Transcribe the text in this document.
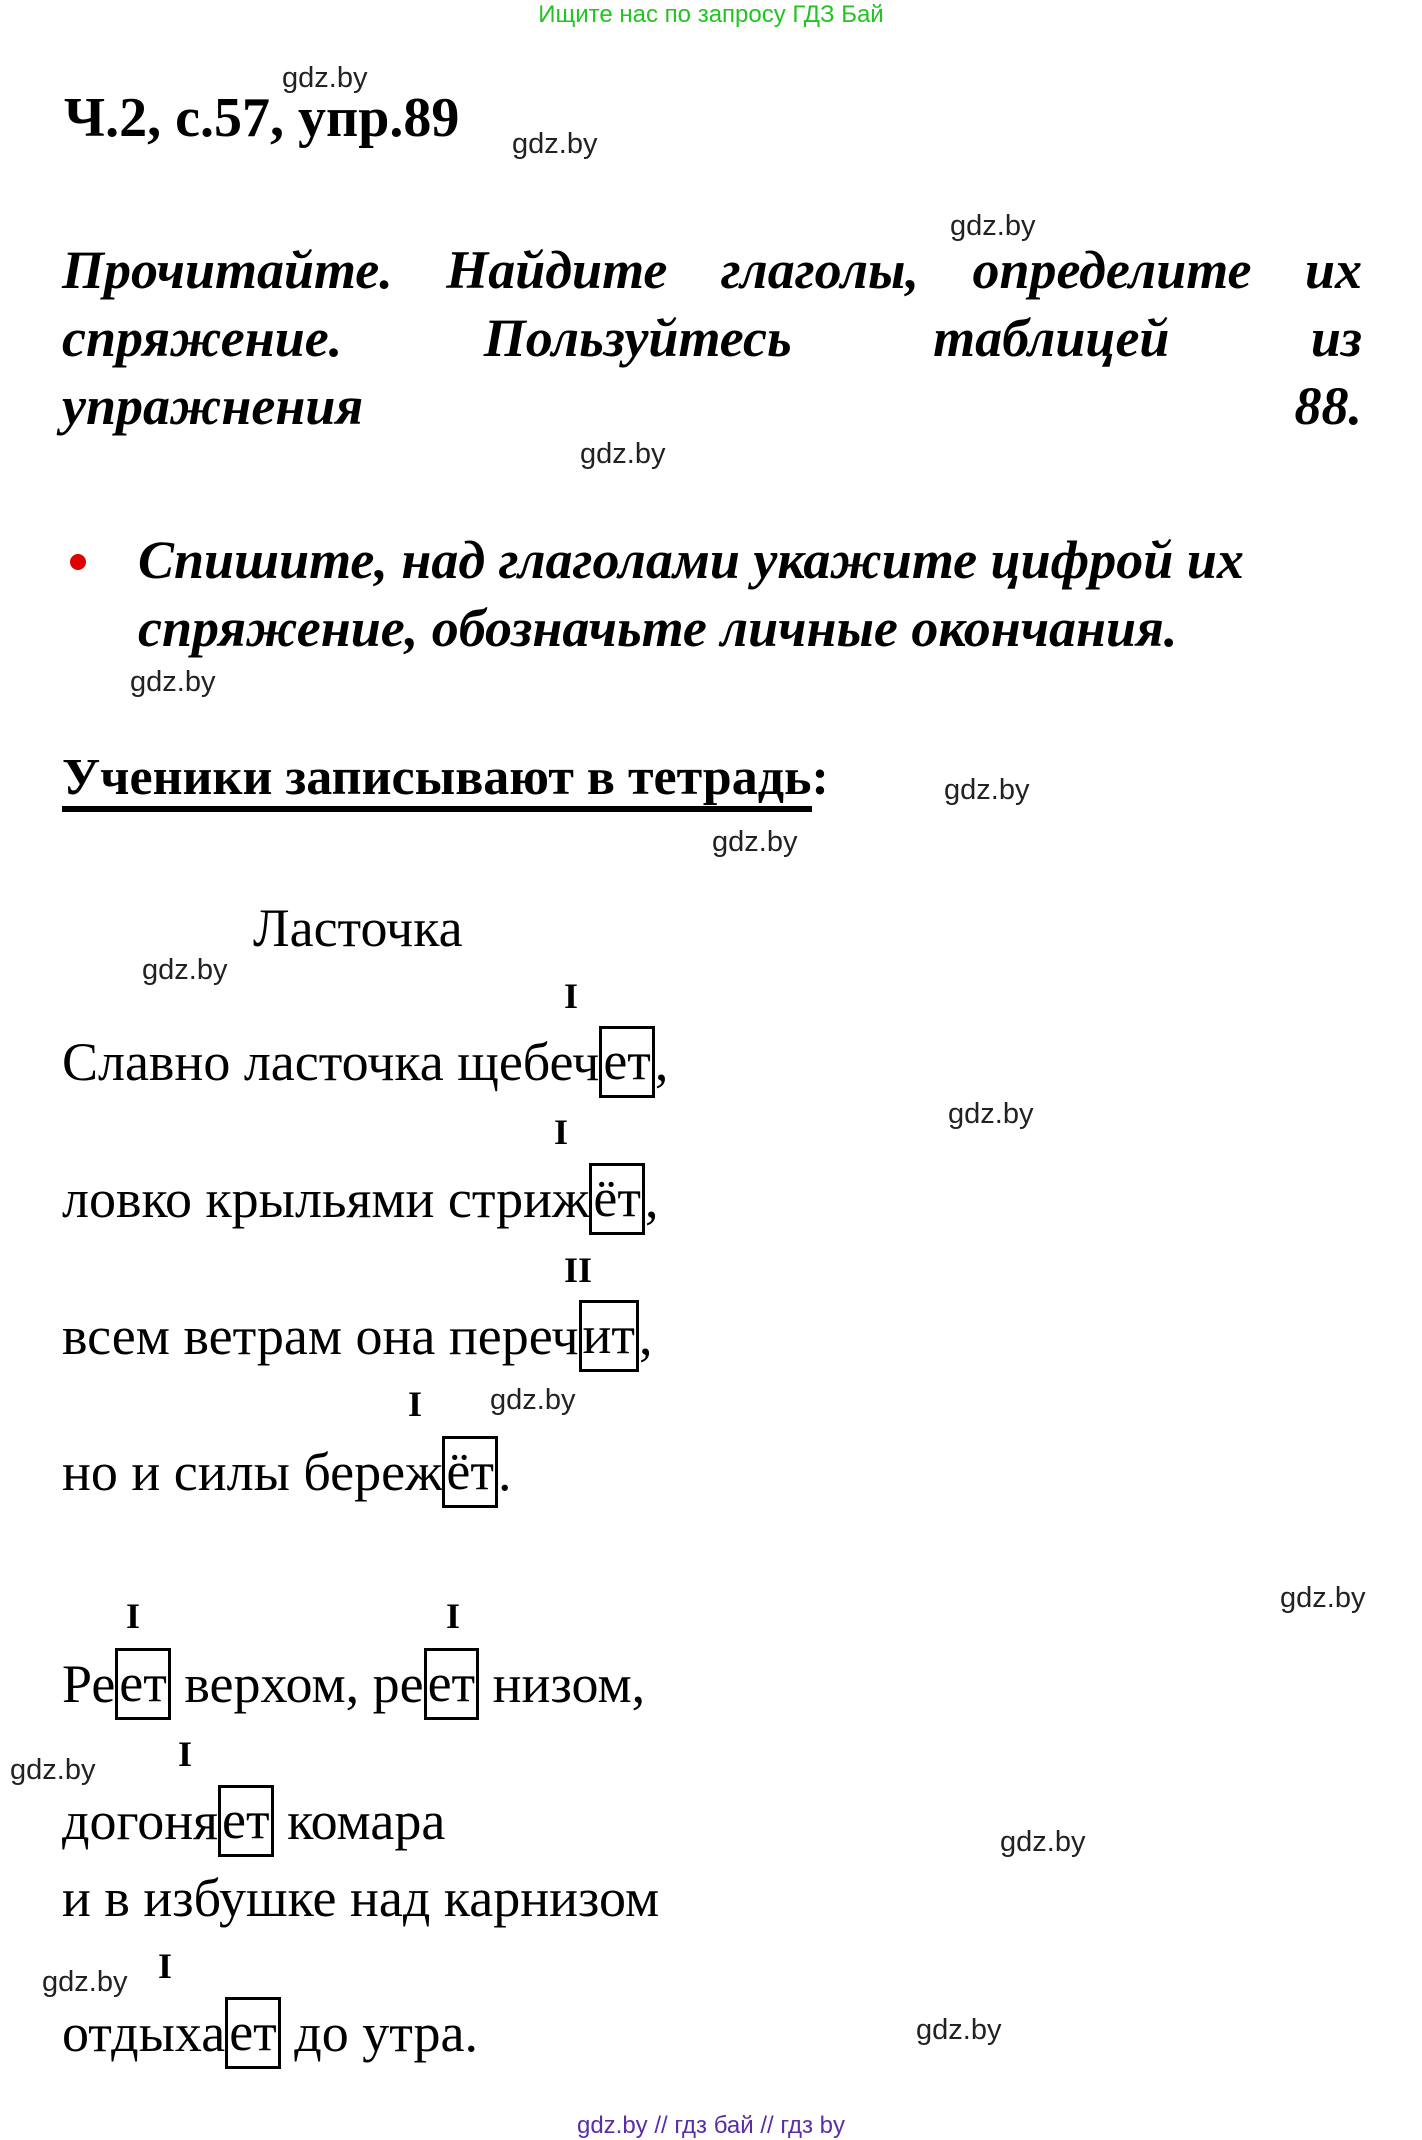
Ищите нас по запросу ГДЗ Бай
gdz.by
gdz.by
gdz.by
gdz.by
gdz.by
gdz.by
gdz.by
gdz.by
gdz.by
gdz.by
gdz.by
gdz.by
gdz.by
gdz.by
gdz.by
Ч.2, с.57, упр.89
Прочитайте. Найдите глаголы, определите их
спряжение. Пользуйтесь таблицей из
упражнения 88.
Спишите, над глаголами укажите цифрой их
спряжение, обозначьте личные окончания.
Ученики записывают в тетрадь:
Ласточка
I
Славно ласточка щебечет,
I
ловко крыльями стрижёт,
II
всем ветрам она перечит,
I
но и силы бережёт.
I	I
Реет верхом, реет низом,
I
догоняет комара
и в избушке над карнизом
I
отдыхает до утра.
gdz.by // гдз бай // гдз by
